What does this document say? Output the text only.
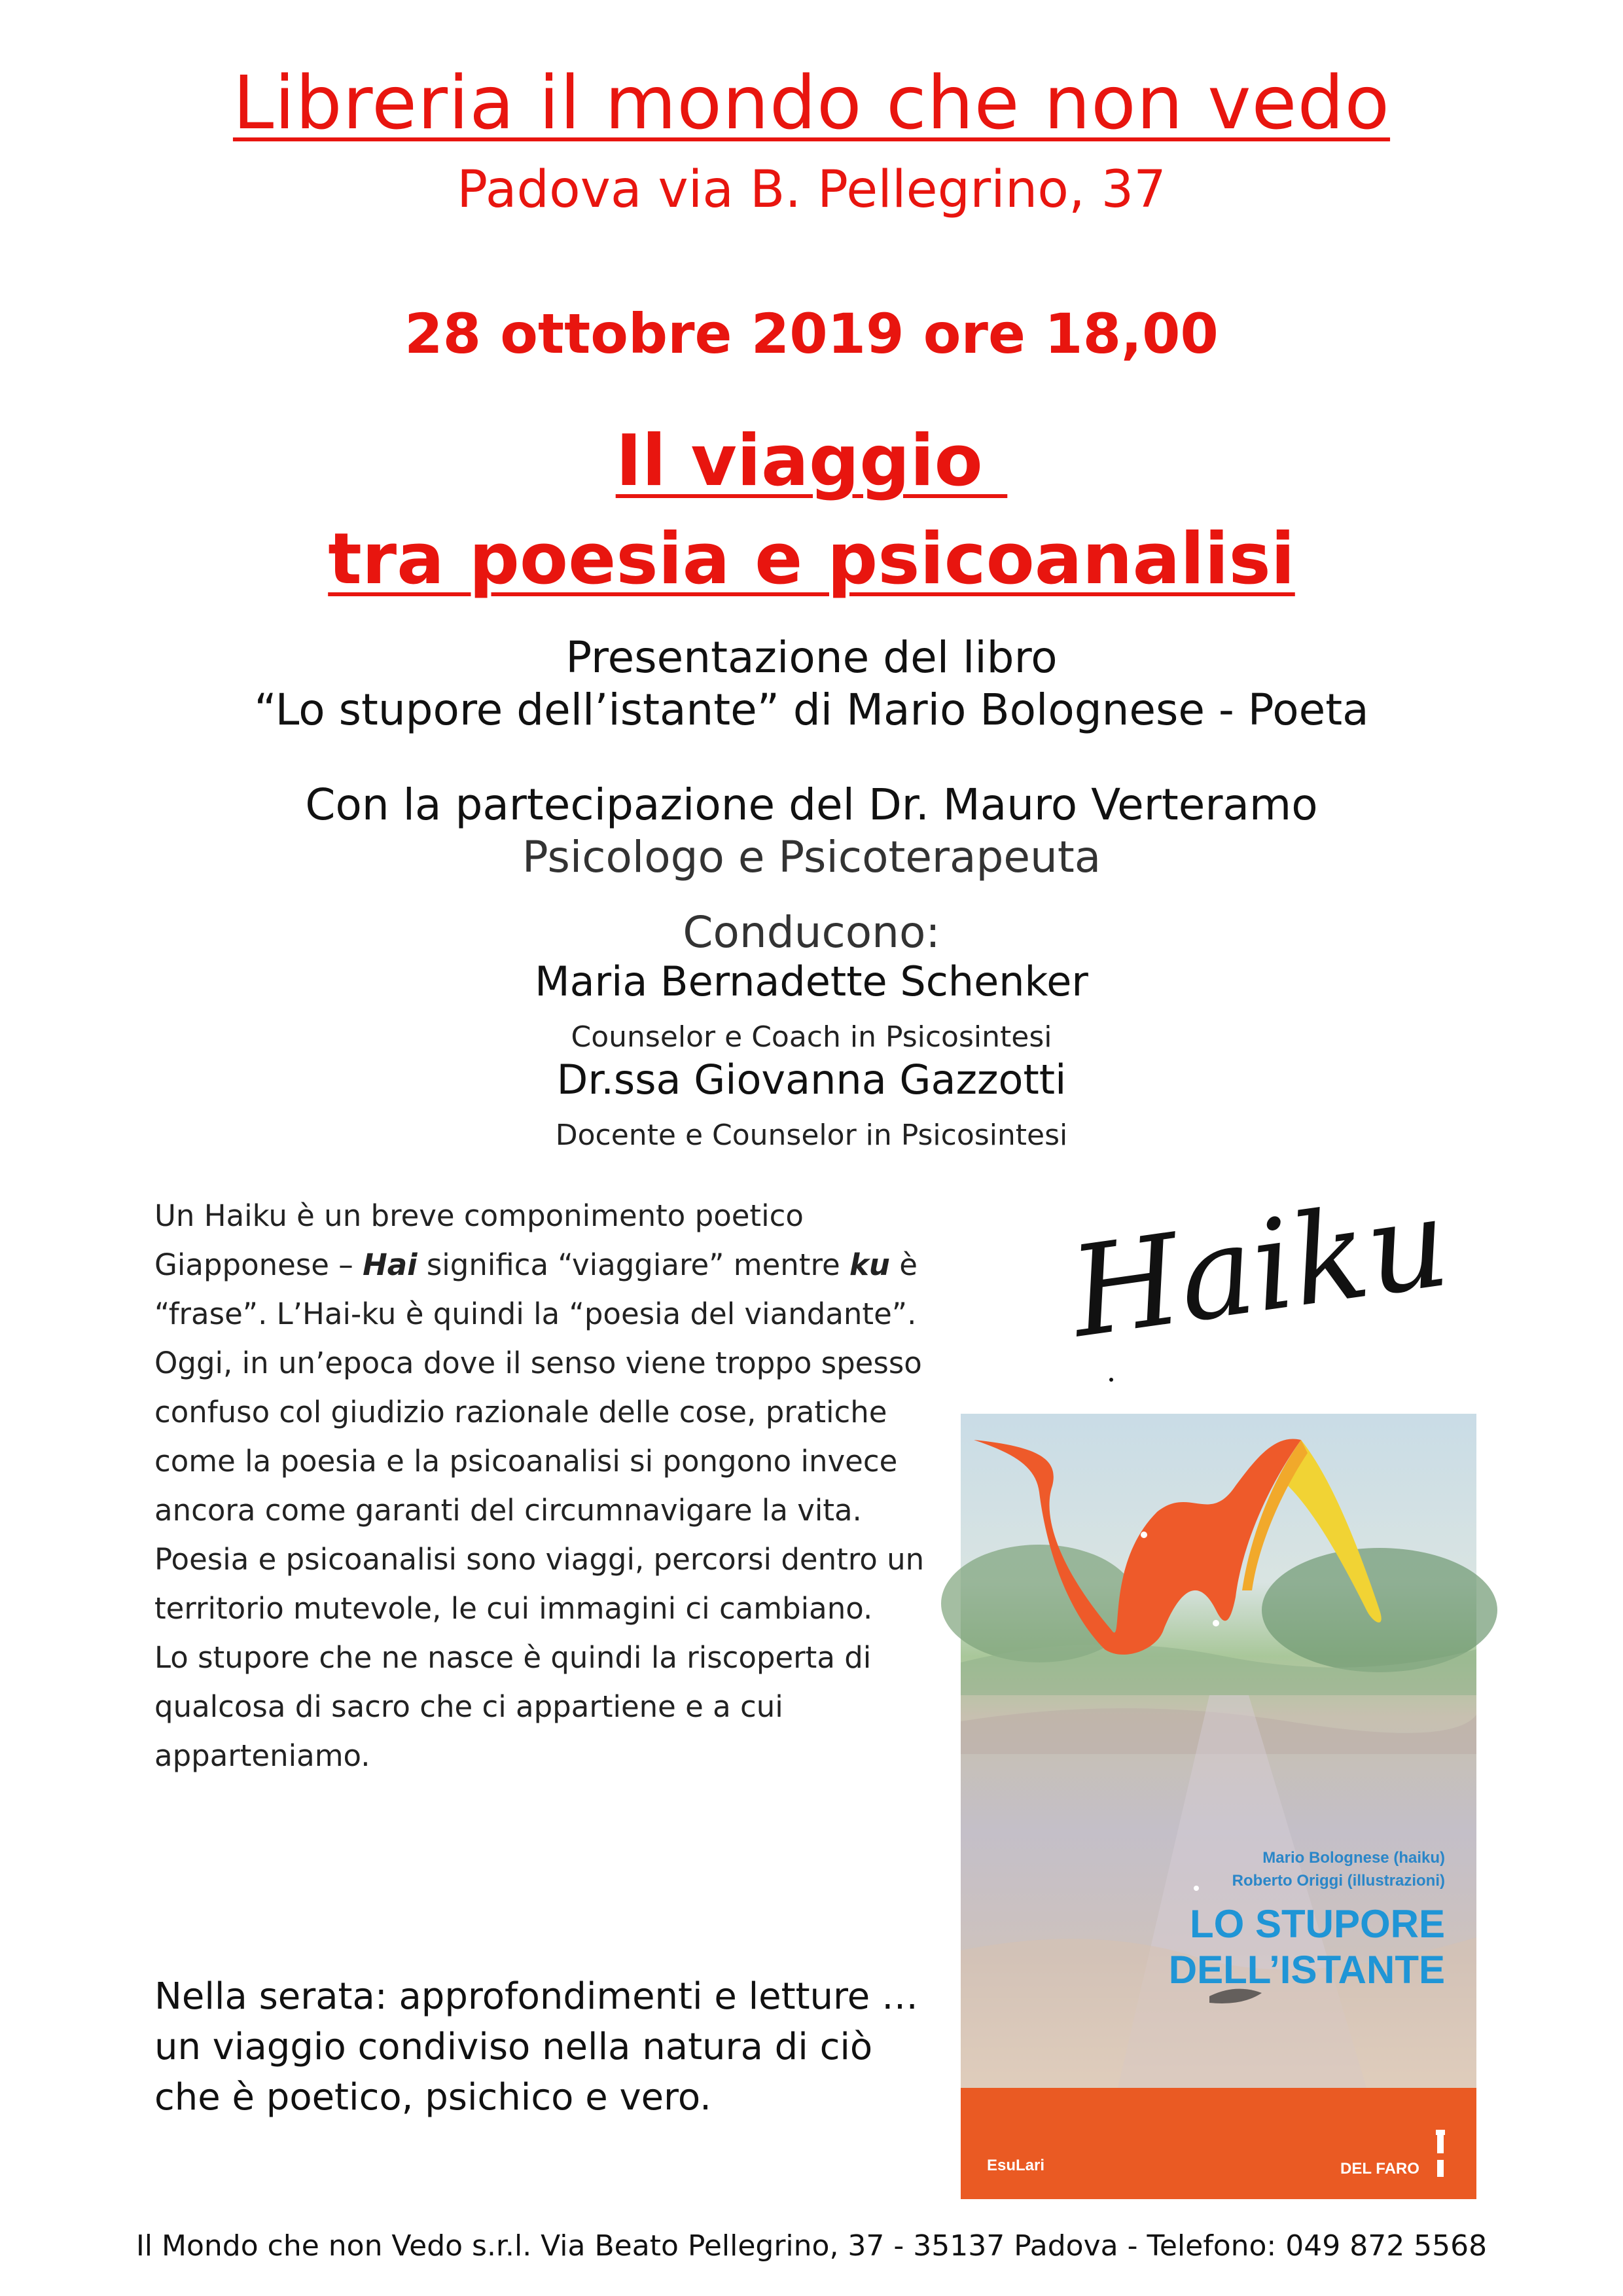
Libreria il mondo che non vedo
Padova via B. Pellegrino, 37
28 ottobre 2019 ore 18,00
Il viaggio
tra poesia e psicoanalisi
Presentazione del libro
“Lo stupore dell’istante” di Mario Bolognese - Poeta
Con la partecipazione del Dr. Mauro Verteramo
Psicologo e Psicoterapeuta
Conducono:
Maria Bernadette Schenker
Counselor e Coach in Psicosintesi
Dr.ssa Giovanna Gazzotti
Docente e Counselor in Psicosintesi

Un Haiku è un breve componimento poetico Giapponese – Hai significa “viaggiare” mentre ku è “frase”. L’Hai-ku è quindi la “poesia del viandante”.

Oggi, in un’epoca dove il senso viene troppo spesso confuso col giudizio razionale delle cose, pratiche come la poesia e la psicoanalisi si pongono invece ancora come garanti del circumnavigare la vita.

Poesia e psicoanalisi sono viaggi, percorsi dentro un territorio mutevole, le cui immagini ci cambiano.

Lo stupore che ne nasce è quindi la riscoperta di qualcosa di sacro che ci appartiene e a cui apparteniamo.

Nella serata: approfondimenti e letture … un viaggio condiviso nella natura di ciò che è poetico, psichico e vero.
Haiku
Mario Bolognese (haiku)
Roberto Origgi (illustrazioni)
LO STUPORE
DELL’ISTANTE
EsuLari	DEL FARO
Il Mondo che non Vedo s.r.l. Via Beato Pellegrino, 37 - 35137 Padova - Telefono: 049 872 5568
